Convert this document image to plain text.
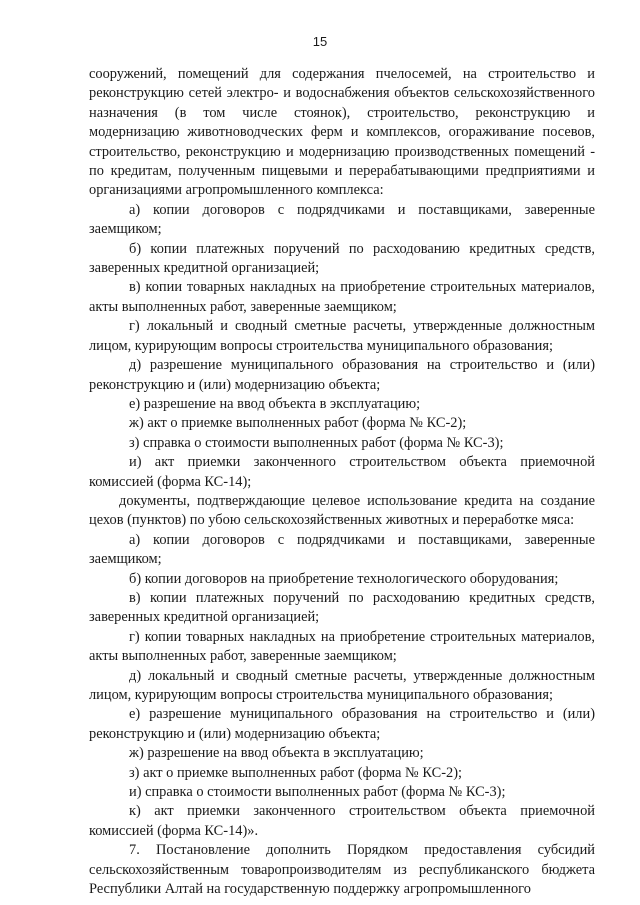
15

сооружений, помещений для содержания пчелосемей, на строительство и реконструкцию сетей электро- и водоснабжения объектов сельскохозяйственного назначения (в том числе стоянок), строительство, реконструкцию и модернизацию животноводческих ферм и комплексов, огораживание посевов, строительство, реконструкцию и модернизацию производственных помещений - по кредитам, полученным пищевыми и перерабатывающими предприятиями и организациями агропромышленного комплекса:

а) копии договоров с подрядчиками и поставщиками, заверенные заемщиком;

б) копии платежных поручений по расходованию кредитных средств, заверенных кредитной организацией;

в) копии товарных накладных на приобретение строительных материалов, акты выполненных работ, заверенные заемщиком;

г) локальный и сводный сметные расчеты, утвержденные должностным лицом, курирующим вопросы строительства муниципального образования;

д) разрешение муниципального образования на строительство и (или) реконструкцию и (или) модернизацию объекта;

е) разрешение на ввод объекта в эксплуатацию;

ж) акт о приемке выполненных работ (форма № КС-2);

з) справка о стоимости выполненных работ (форма № КС-3);

и) акт приемки законченного строительством объекта приемочной комиссией (форма КС-14);

документы, подтверждающие целевое использование кредита на создание цехов (пунктов) по убою сельскохозяйственных животных и переработке мяса:

а) копии договоров с подрядчиками и поставщиками, заверенные заемщиком;

б) копии договоров на приобретение технологического оборудования;

в) копии платежных поручений по расходованию кредитных средств, заверенных кредитной организацией;

г) копии товарных накладных на приобретение строительных материалов, акты выполненных работ, заверенные заемщиком;

д) локальный и сводный сметные расчеты, утвержденные должностным лицом, курирующим вопросы строительства муниципального образования;

е) разрешение муниципального образования на строительство и (или) реконструкцию и (или) модернизацию объекта;

ж) разрешение на ввод объекта в эксплуатацию;

з) акт о приемке выполненных работ (форма № КС-2);

и) справка о стоимости выполненных работ (форма № КС-3);

к) акт приемки законченного строительством объекта приемочной комиссией (форма КС-14)».

7. Постановление дополнить Порядком предоставления субсидий сельскохозяйственным товаропроизводителям из республиканского бюджета Республики Алтай на государственную поддержку агропромышленного
